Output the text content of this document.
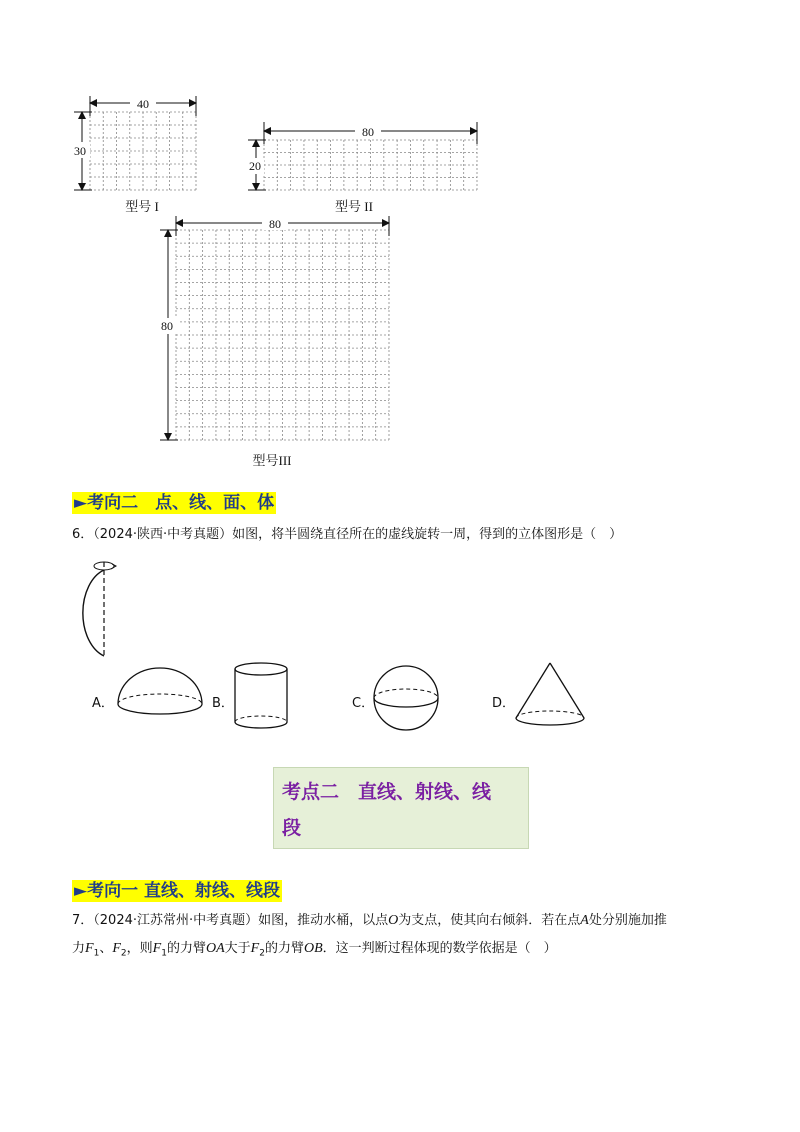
40
30
型号 I
80
20
型号 II
80
80
型号III
►考向二　点、线、面、体
6．（2024·陕西·中考真题）如图，将半圆绕直径所在的虚线旋转一周，得到的立体图形是（　）
A．	B．	C．	D．
考点二　直线、射线、线
段
►考向一 直线、射线、线段
7．（2024·江苏常州·中考真题）如图，推动水桶，以点O为支点，使其向右倾斜．若在点A处分别施加推
力$F_1$、$F_2$，则$F_1$的力臂OA大于$F_2$的力臂OB．这一判断过程体现的数学依据是（　）
